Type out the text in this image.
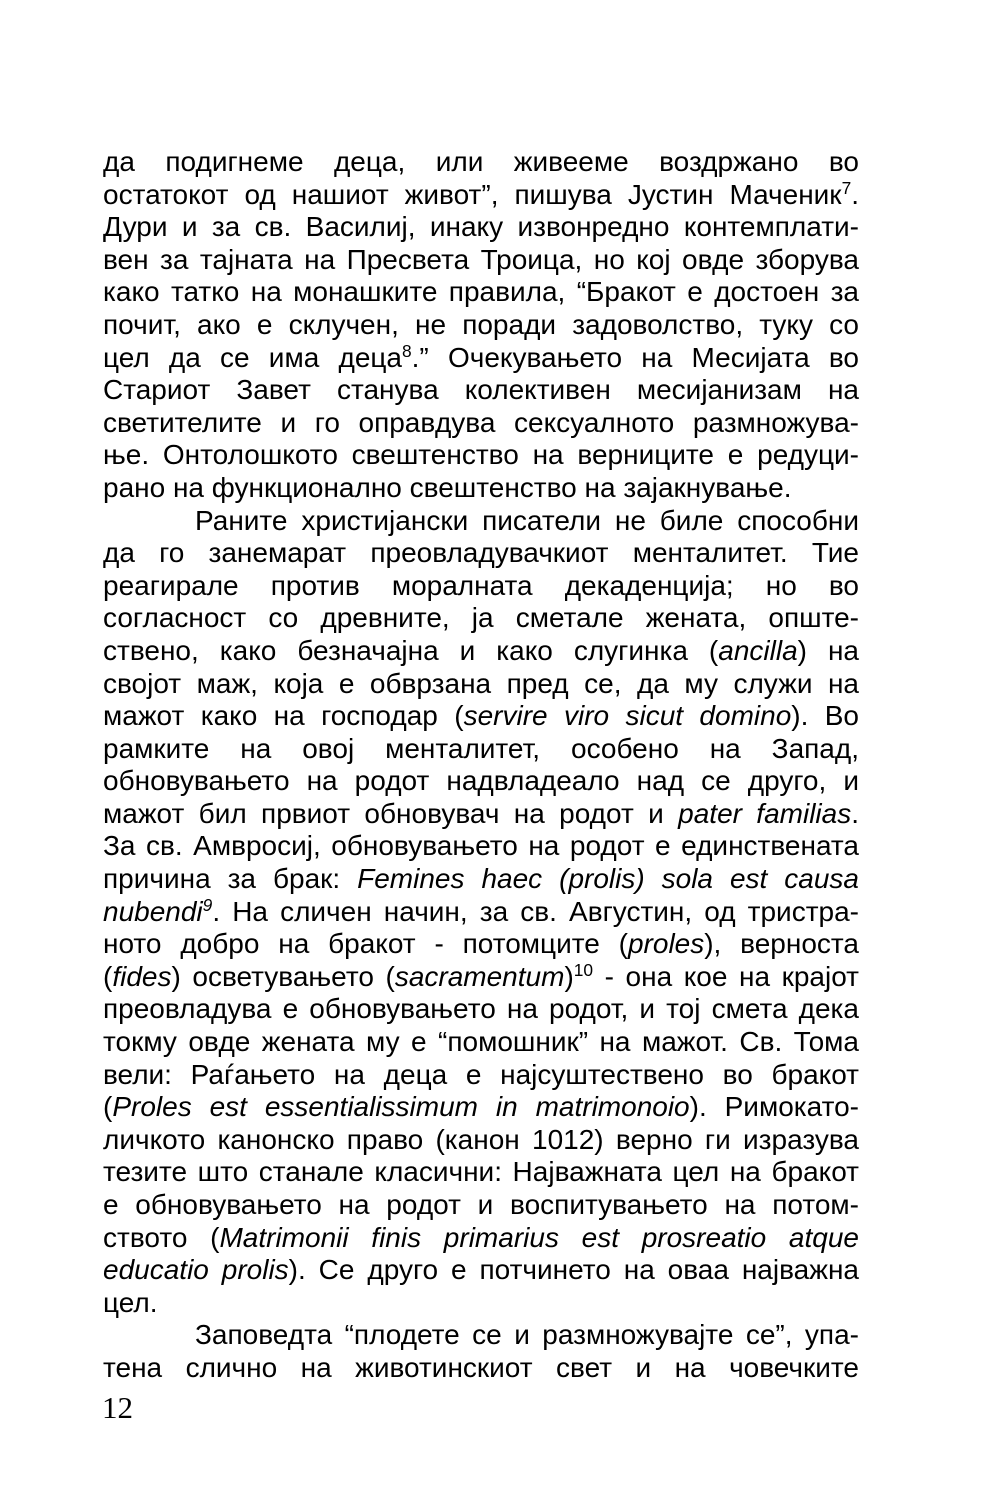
да подигнеме деца, или живееме воздржано во
остатокот од нашиот живот”, пишува Јустин Маченик$^7$.
Дури и за св. Василиј, инаку извонредно контемплати-
вен за тајната на Пресвета Троица, но кој овде зборува
како татко на монашките правила, “Бракот е достоен за
почит, ако е склучен, не поради задоволство, туку со
цел да се има деца$^8$.” Очекувањето на Месијата во
Стариот Завет станува колективен месијанизам на
светителите и го оправдува сексуалното размножува-
ње. Онтолошкото свештенство на верниците е редуци-
рано на функционално свештенство на зајакнување.
Раните христијански писатели не биле способни
да го занемарат преовладувачкиот менталитет. Тие
реагирале против моралната декаденција; но во
согласност со древните, ја сметале жената, опште-
ствено, како безначајна и како слугинка (ancilla) на
својот маж, која е обврзана пред се, да му служи на
мажот како на господар (servire viro sicut domino). Во
рамките на овој менталитет, особено на Запад,
обновувањето на родот надвладеало над се друго, и
мажот бил првиот обновувач на родот и pater familias.
За св. Амвросиј, обновувањето на родот е единствената
причина за брак: Femines haec (prolis) sola est causa
nubendi$^9$. На сличен начин, за св. Августин, од тристра-
ното добро на бракот - потомците (proles), верноста
(fides) осветувањето (sacramentum)$^{10}$ - она кое на крајот
преовладува е обновувањето на родот, и тој смета дека
токму овде жената му е “помошник” на мажот. Св. Тома
вели: Раѓањето на деца е најсуштествено во бракот
(Proles est essentialissimum in matrimonoio). Римокато-
личкото канонско право (канон 1012) верно ги изразува
тезите што станале класични: Најважната цел на бракот
е обновувањето на родот и воспитувањето на потом-
ството (Matrimonii finis primarius est prosreatio atque
educatio prolis). Се друго е потчинето на оваа најважна
цел.
Заповедта “плодете се и размножувајте се”, упа-
тена слично на животинскиот свет и на човечките
12
